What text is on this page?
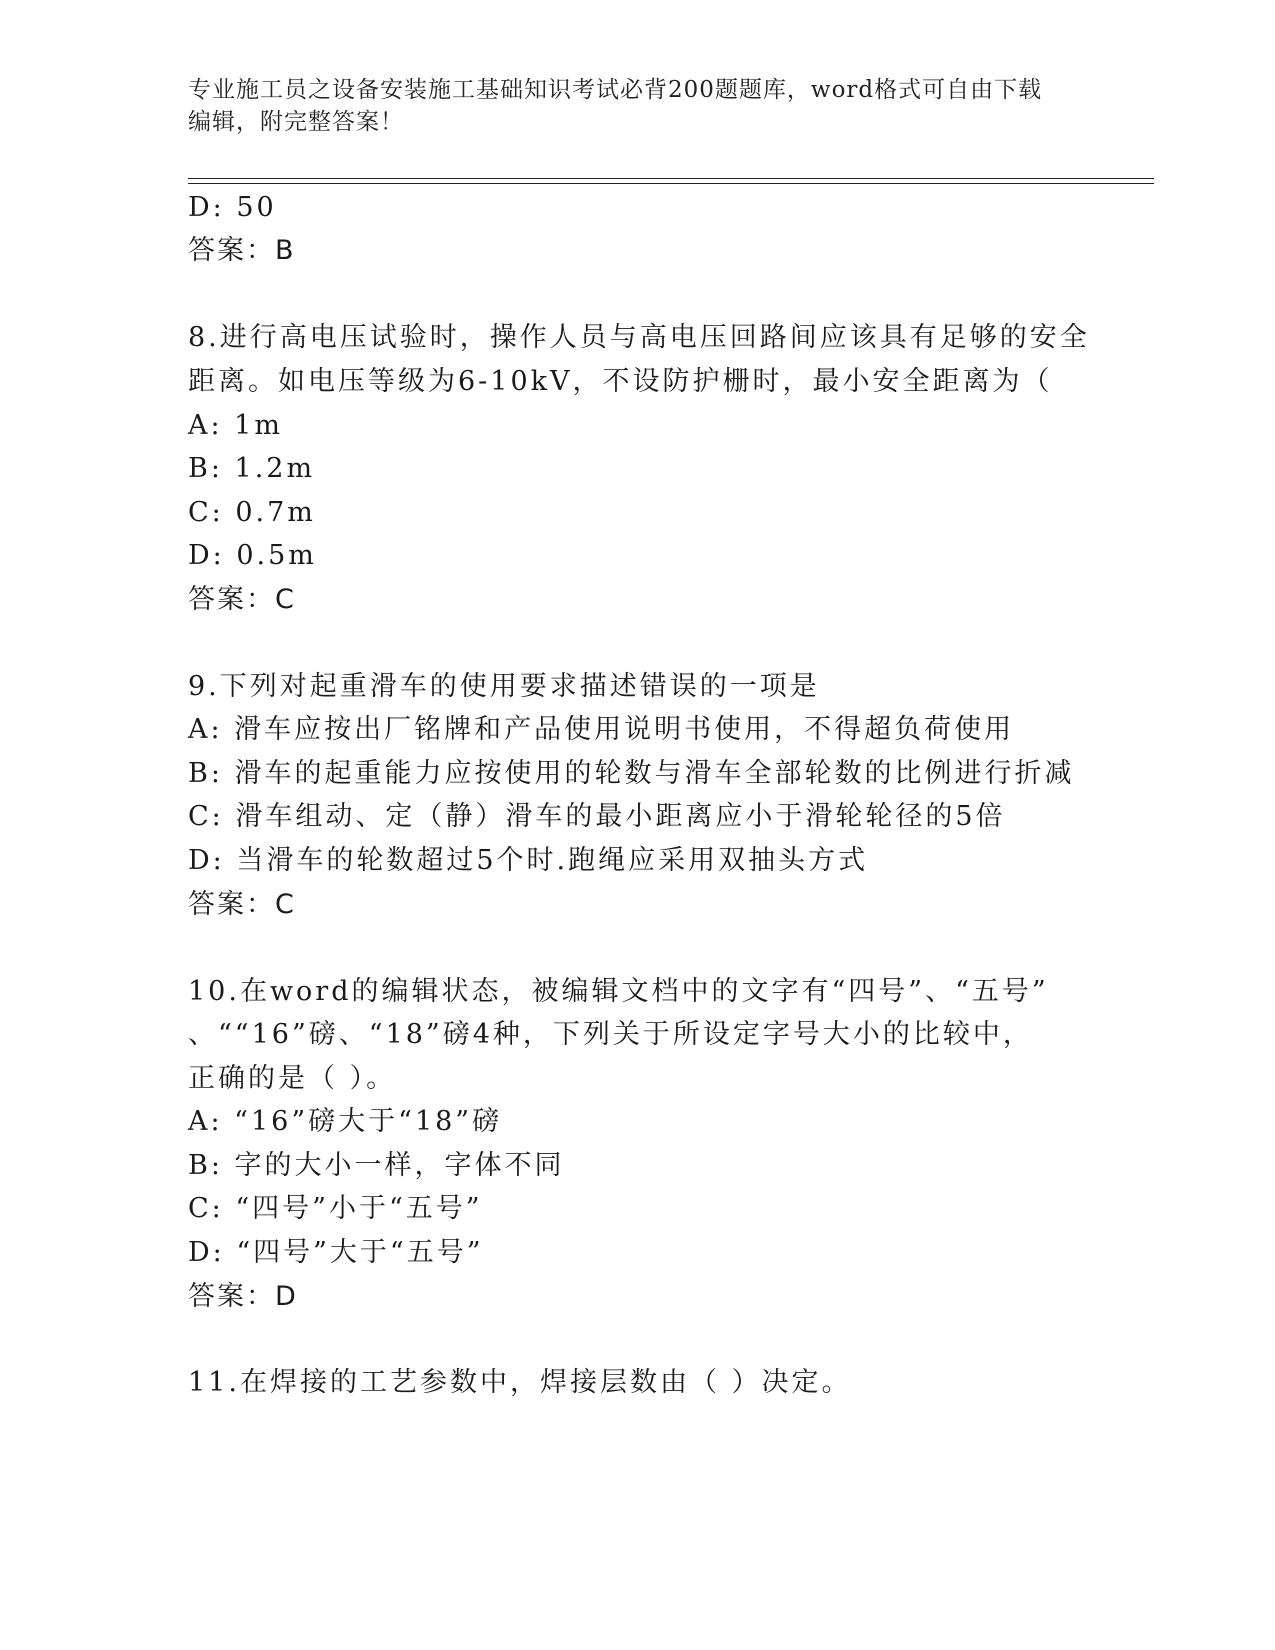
专业施工员之设备安装施工基础知识考试必背200题题库，word格式可自由下载
编辑，附完整答案！
D: 50
答案：B
8.进行高电压试验时，操作人员与高电压回路间应该具有足够的安全
距离。如电压等级为6-10kV，不设防护栅时，最小安全距离为（
A: 1m
B: 1.2m
C: 0.7m
D: 0.5m
答案：C
9.下列对起重滑车的使用要求描述错误的一项是
A: 滑车应按出厂铭牌和产品使用说明书使用，不得超负荷使用
B: 滑车的起重能力应按使用的轮数与滑车全部轮数的比例进行折减
C: 滑车组动、定（静）滑车的最小距离应小于滑轮轮径的5倍
D: 当滑车的轮数超过5个时.跑绳应采用双抽头方式
答案：C
10.在word的编辑状态，被编辑文档中的文字有“四号”、“五号”
、““16”磅、“18”磅4种，下列关于所设定字号大小的比较中，
正确的是（ ）。
A: “16”磅大于“18”磅
B: 字的大小一样，字体不同
C: “四号”小于“五号”
D: “四号”大于“五号”
答案：D
11.在焊接的工艺参数中，焊接层数由（ ）决定。
